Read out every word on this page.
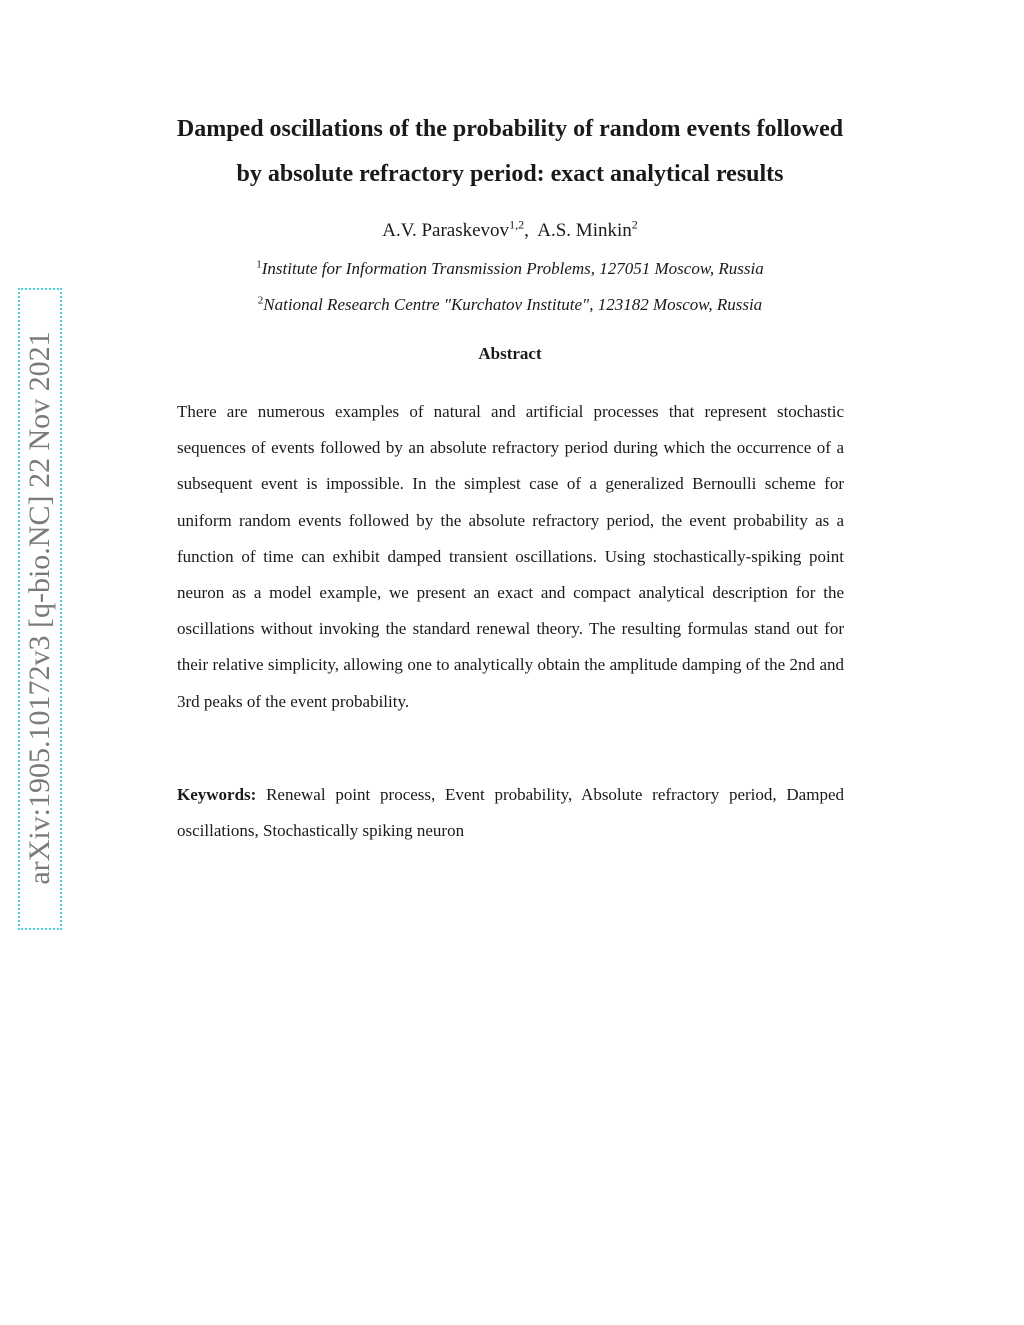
arXiv:1905.10172v3 [q-bio.NC] 22 Nov 2021
Damped oscillations of the probability of random events followed
by absolute refractory period: exact analytical results
A.V. Paraskevov$^{1,2}$,  A.S. Minkin$^2$
$^1$Institute for Information Transmission Problems, 127051 Moscow, Russia
$^2$National Research Centre "Kurchatov Institute", 123182 Moscow, Russia
Abstract

There are numerous examples of natural and artificial processes that represent stochastic sequences of events followed by an absolute refractory period during which the occurrence of a subsequent event is impossible. In the simplest case of a generalized Bernoulli scheme for uniform random events followed by the absolute refractory period, the event probability as a function of time can exhibit damped transient oscillations. Using stochastically-spiking point neuron as a model example, we present an exact and compact analytical description for the oscillations without invoking the standard renewal theory. The resulting formulas stand out for their relative simplicity, allowing one to analytically obtain the amplitude damping of the 2nd and 3rd peaks of the event probability.

Keywords: Renewal point process, Event probability, Absolute refractory period, Damped oscillations, Stochastically spiking neuron
